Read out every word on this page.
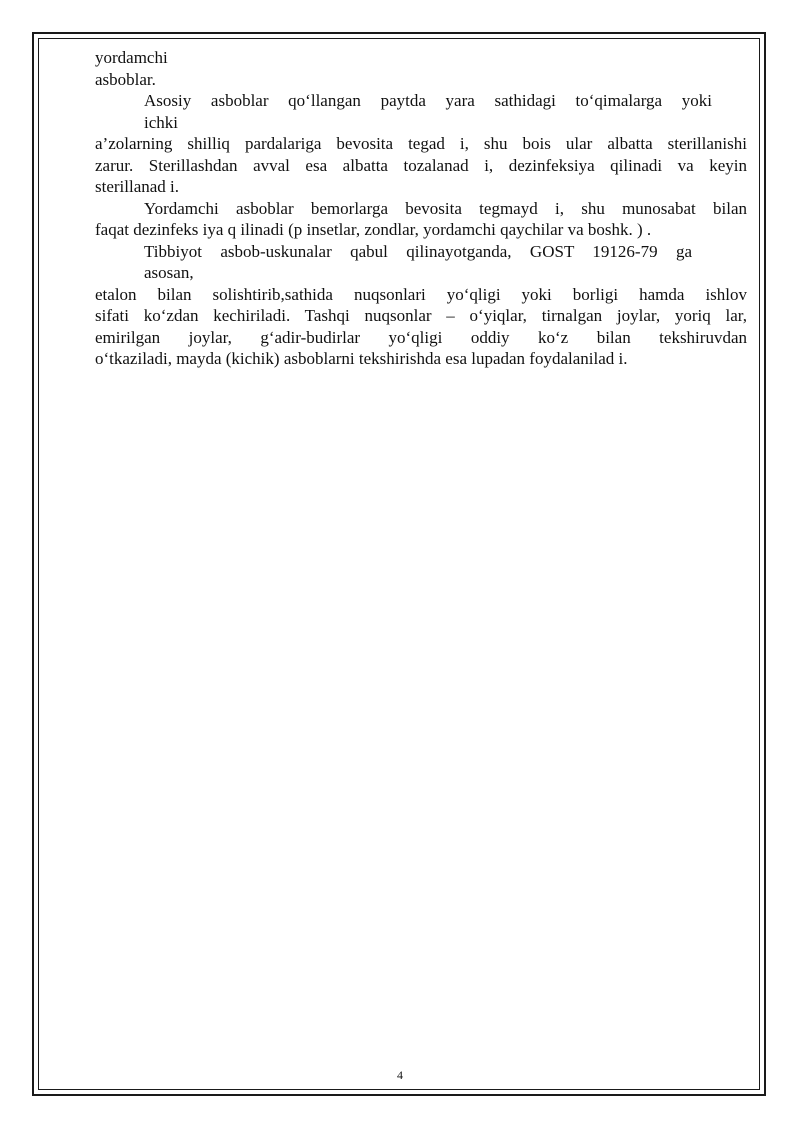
yordamchi
asboblar.
Asosiy asboblar qo‘llangan paytda yara sathidagi to‘qimalarga yoki
ichki
a’zolarning shilliq pardalariga bevosita tegad i, shu bois ular albatta sterillanishi
zarur. Sterillashdan avval esa albatta tozalanad i, dezinfeksiya qilinadi va keyin
sterillanad i.
Yordamchi asboblar bemorlarga bevosita tegmayd i, shu munosabat bilan
faqat dezinfeks iya q ilinadi (p insetlar, zondlar, yordamchi qaychilar va boshk. ) .
Tibbiyot asbob-uskunalar qabul qilinayotganda, GOST 19126-79 ga
asosan,
etalon bilan solishtirib,sathida nuqsonlari yo‘qligi yoki borligi hamda ishlov
sifati ko‘zdan kechiriladi. Tashqi nuqsonlar – o‘yiqlar, tirnalgan joylar, yoriq lar,
emirilgan joylar, g‘adir-budirlar yo‘qligi oddiy ko‘z bilan tekshiruvdan
o‘tkaziladi, mayda (kichik) asboblarni tekshirishda esa lupadan foydalanilad i.
4
